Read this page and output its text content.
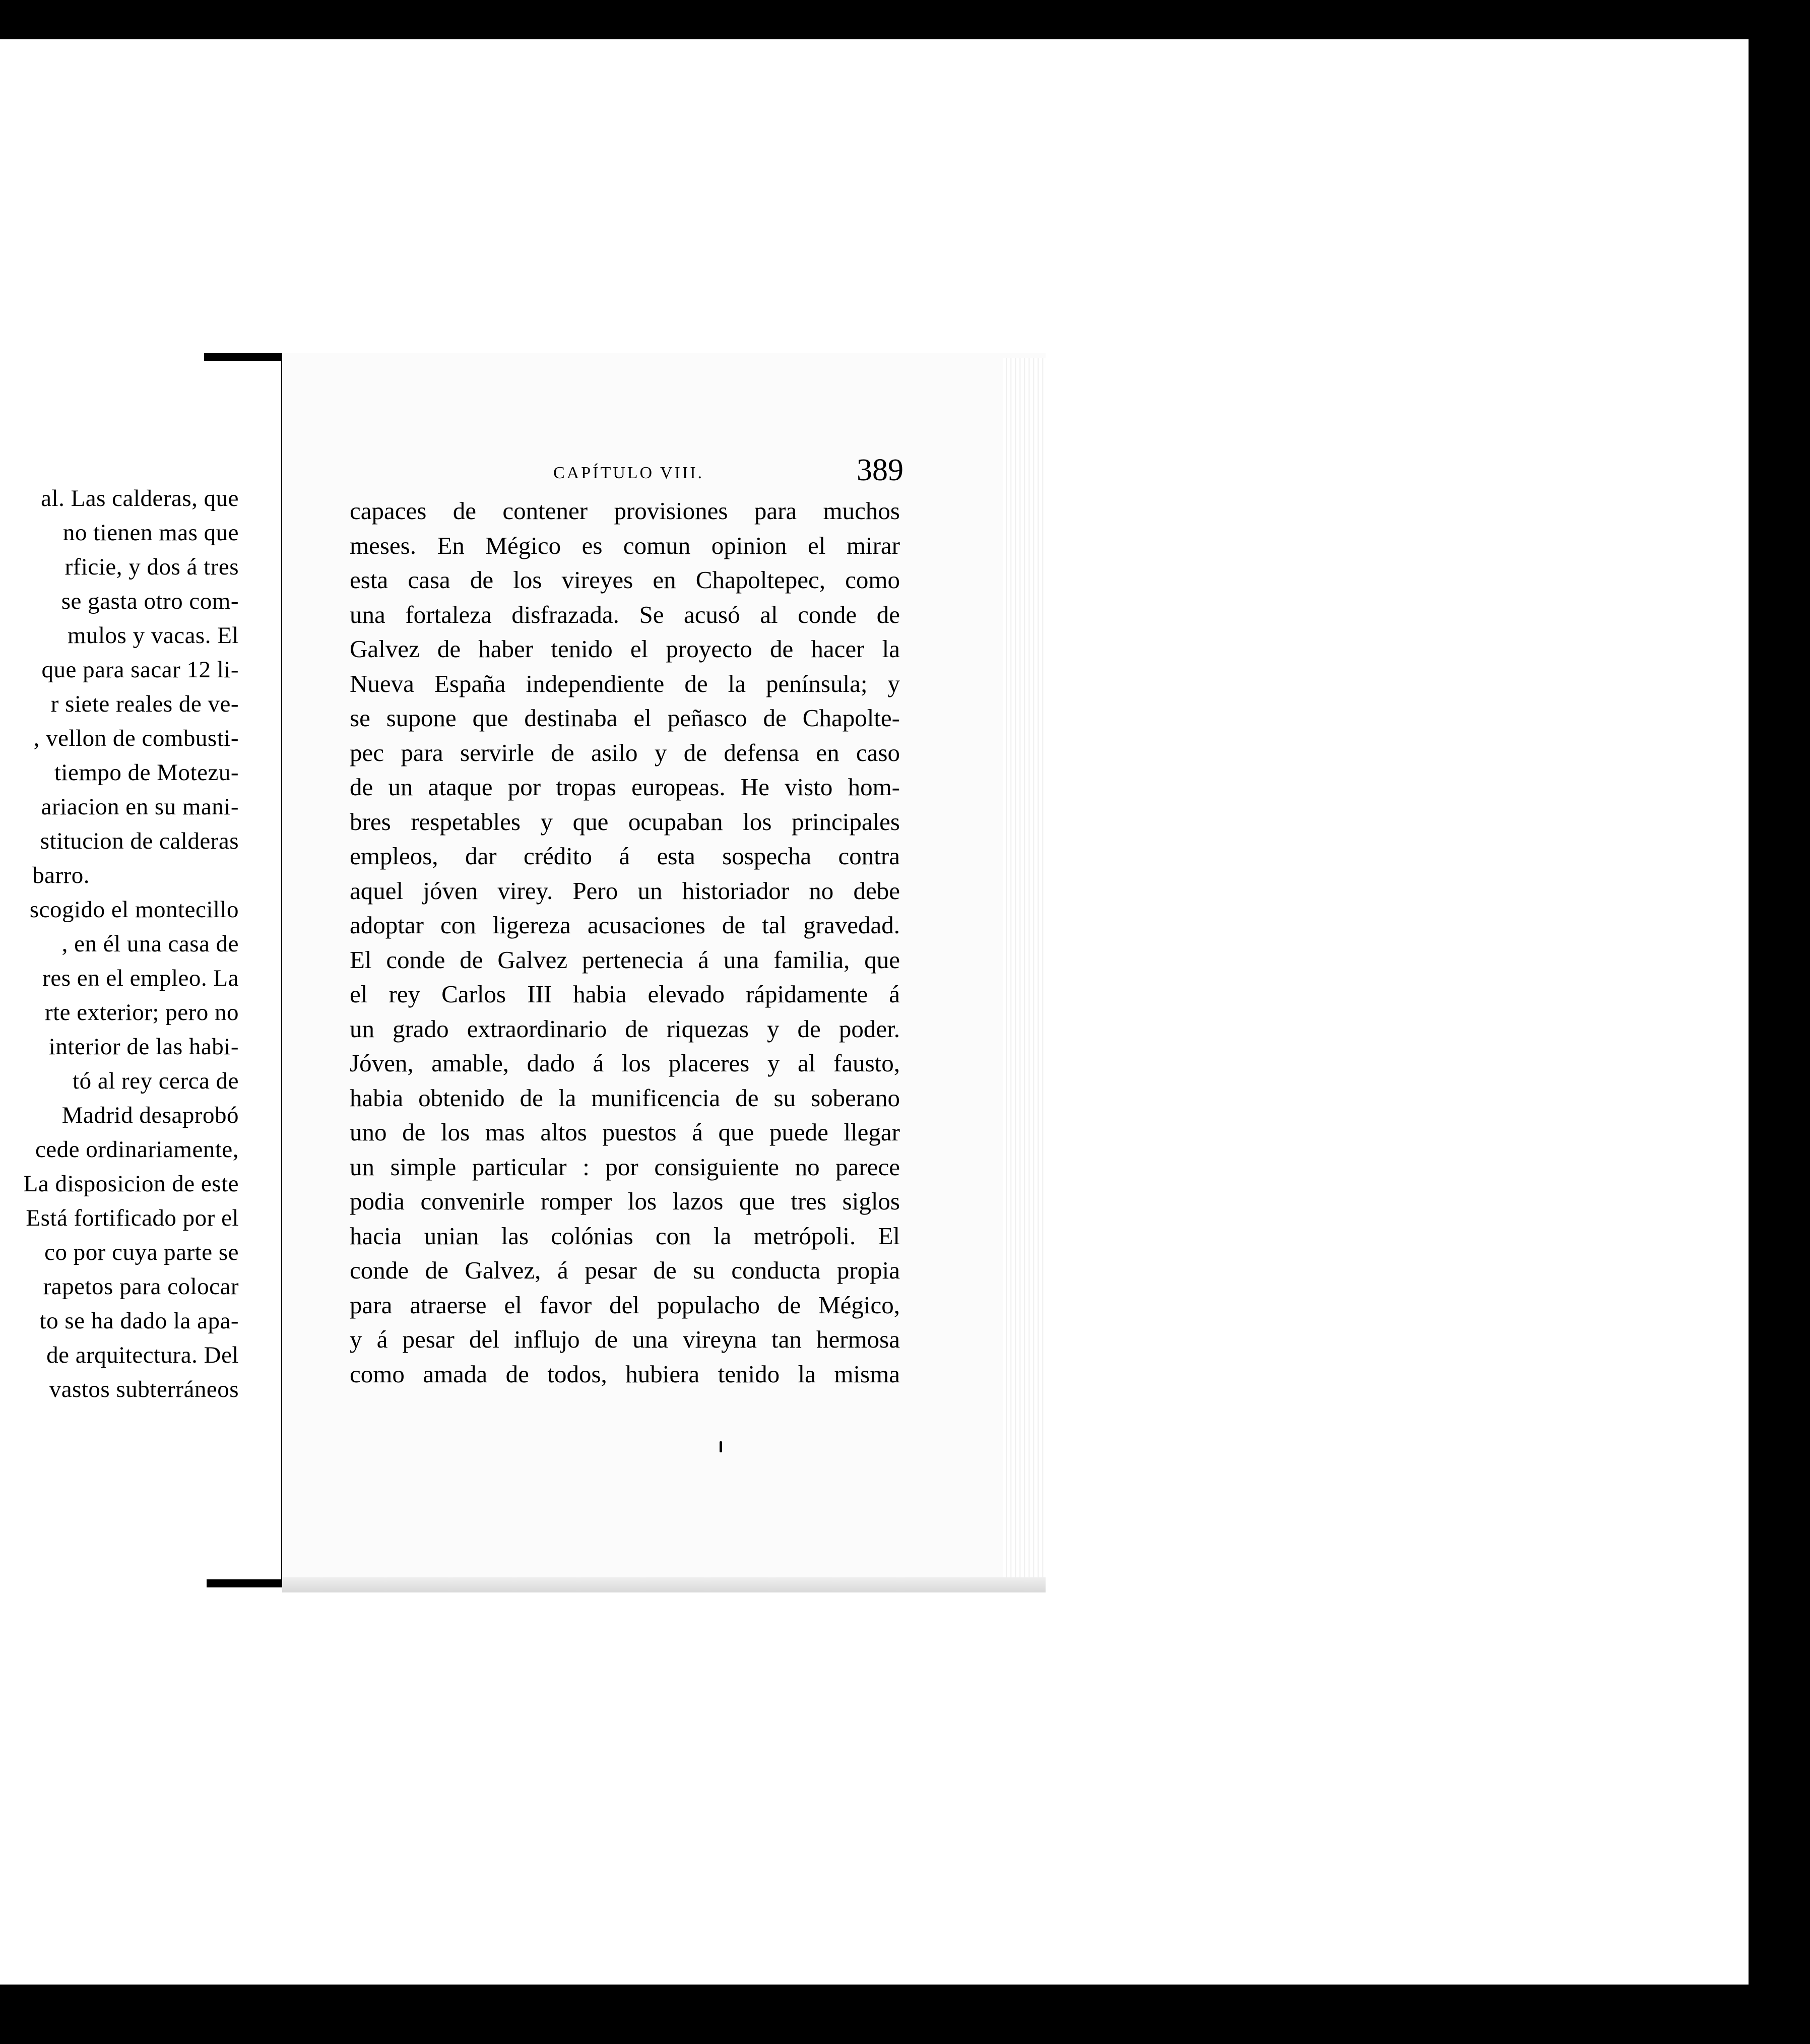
al. Las calderas, que
no tienen mas que
rficie, y dos á tres
se gasta otro com-
mulos y vacas. El
que para sacar 12 li-
r siete reales de ve-
, vellon de combusti-
tiempo de Motezu-
ariacion en su mani-
stitucion de calderas
barro.
scogido el montecillo
, en él una casa de
res en el empleo. La
rte exterior; pero no
interior de las habi-
tó al rey cerca de
Madrid desaprobó
cede ordinariamente,
La disposicion de este
Está fortificado por el
co por cuya parte se
rapetos para colocar
to se ha dado la apa-
de arquitectura. Del
vastos subterráneos
CAPÍTULO VIII.	389
capaces de contener provisiones para muchos
meses. En Mégico es comun opinion el mirar
esta casa de los vireyes en Chapoltepec, como
una fortaleza disfrazada. Se acusó al conde de
Galvez de haber tenido el proyecto de hacer la
Nueva España independiente de la península; y
se supone que destinaba el peñasco de Chapolte-
pec para servirle de asilo y de defensa en caso
de un ataque por tropas europeas. He visto hom-
bres respetables y que ocupaban los principales
empleos, dar crédito á esta sospecha contra
aquel jóven virey. Pero un historiador no debe
adoptar con ligereza acusaciones de tal gravedad.
El conde de Galvez pertenecia á una familia, que
el rey Carlos III habia elevado rápidamente á
un grado extraordinario de riquezas y de poder.
Jóven, amable, dado á los placeres y al fausto,
habia obtenido de la munificencia de su soberano
uno de los mas altos puestos á que puede llegar
un simple particular : por consiguiente no parece
podia convenirle romper los lazos que tres siglos
hacia unian las colónias con la metrópoli. El
conde de Galvez, á pesar de su conducta propia
para atraerse el favor del populacho de Mégico,
y á pesar del influjo de una vireyna tan hermosa
como amada de todos, hubiera tenido la misma
